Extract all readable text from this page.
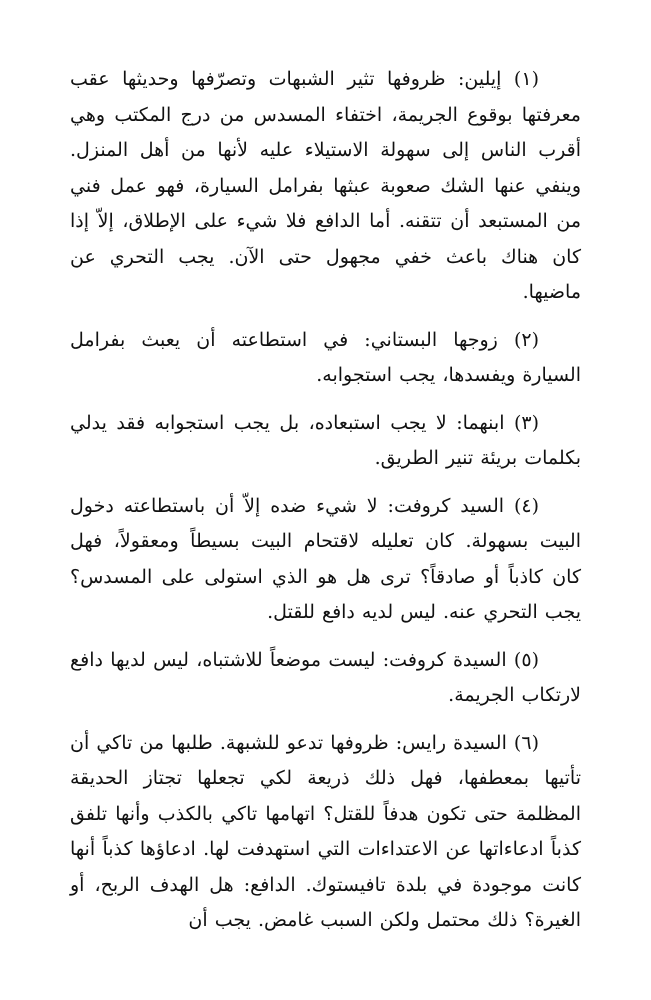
(١) إيلين: ظروفها تثير الشبهات وتصرّفها وحديثها عقب معرفتها بوقوع الجريمة، اختفاء المسدس من درج المكتب وهي أقرب الناس إلى سهولة الاستيلاء عليه لأنها من أهل المنزل. وينفي عنها الشك صعوبة عبثها بفرامل السيارة، فهو عمل فني من المستبعد أن تتقنه. أما الدافع فلا شيء على الإطلاق، إلاّ إذا كان هناك باعث خفي مجهول حتى الآن. يجب التحري عن ماضيها.

(٢) زوجها البستاني: في استطاعته أن يعبث بفرامل السيارة ويفسدها، يجب استجوابه.

(٣) ابنهما: لا يجب استبعاده، بل يجب استجوابه فقد يدلي بكلمات بريئة تنير الطريق.

(٤) السيد كروفت: لا شيء ضده إلاّ أن باستطاعته دخول البيت بسهولة. كان تعليله لاقتحام البيت بسيطاً ومعقولاً، فهل كان كاذباً أو صادقاً؟ ترى هل هو الذي استولى على المسدس؟ يجب التحري عنه. ليس لديه دافع للقتل.

(٥) السيدة كروفت: ليست موضعاً للاشتباه، ليس لديها دافع لارتكاب الجريمة.

(٦) السيدة رايس: ظروفها تدعو للشبهة. طلبها من تاكي أن تأتيها بمعطفها، فهل ذلك ذريعة لكي تجعلها تجتاز الحديقة المظلمة حتى تكون هدفاً للقتل؟ اتهامها تاكي بالكذب وأنها تلفق كذباً ادعاءاتها عن الاعتداءات التي استهدفت لها. ادعاؤها كذباً أنها كانت موجودة في بلدة تافيستوك. الدافع: هل الهدف الربح، أو الغيرة؟ ذلك محتمل ولكن السبب غامض. يجب أن
